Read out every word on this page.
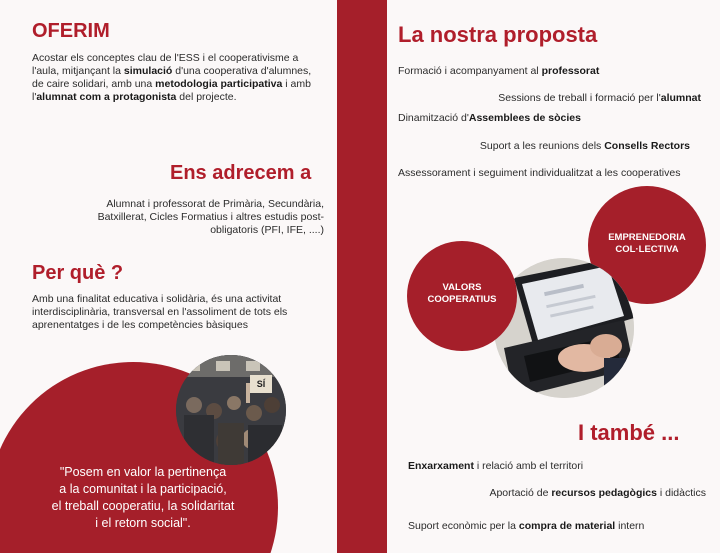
OFERIM
Acostar els conceptes clau de l'ESS i el cooperativisme a l'aula, mitjançant la simulació d'una cooperativa d'alumnes, de caire solidari, amb una metodologia participativa i amb l'alumnat com a protagonista del projecte.
Ens adrecem a
Alumnat i professorat de Primària, Secundària,
Batxillerat, Cicles Formatius i altres estudis post-
obligatoris (PFI, IFE, ....)
Per què ?
Amb una finalitat educativa i solidària, és una activitat interdisciplinària, transversal en l'assoliment de tots els aprenentatges i de les competències bàsiques
SÍ
"Posem en valor la pertinença
a la comunitat i la participació,
el treball cooperatiu, la solidaritat
i el retorn social".
La nostra proposta
Formació i acompanyament al professorat
Sessions de treball i formació per l'alumnat
Dinamització d'Assemblees de sòcies
Suport a les reunions dels Consells Rectors
Assessorament i seguiment individualitzat a les cooperatives
EMPRENEDORIA
COL·LECTIVA
VALORS
COOPERATIUS
I també ...
Enxarxament i relació amb el territori
Aportació de recursos pedagògics i didàctics
Suport econòmic per la compra de material intern
